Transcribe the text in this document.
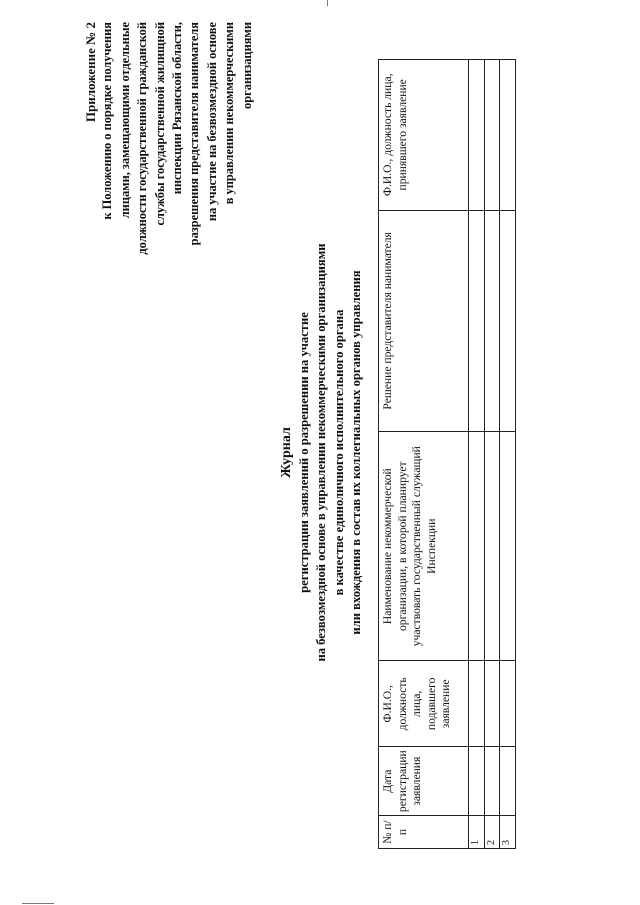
Приложение № 2 к Положению о порядке получения лицами, замещающими отдельные должности государственной гражданской службы государственной жилищной инспекции Рязанской области, разрешения представителя нанимателя на участие на безвозмездной основе в управлении некоммерческими организациями
Журнал регистрации заявлений о разрешении на участие на безвозмездной основе в управлении некоммерческими организациями в качестве единоличного исполнительного органа или вхождения в состав их коллегиальных органов управления
№ п/п	Дата регистрации заявления	Ф.И.О., должность лица, подавшего заявление	Наименование некоммерческой организации, в которой планирует участвовать государственный служащий Инспекции	Решение представителя нанимателя	Ф.И.О., должность лица, принявшего заявление
1					
2					
3					
